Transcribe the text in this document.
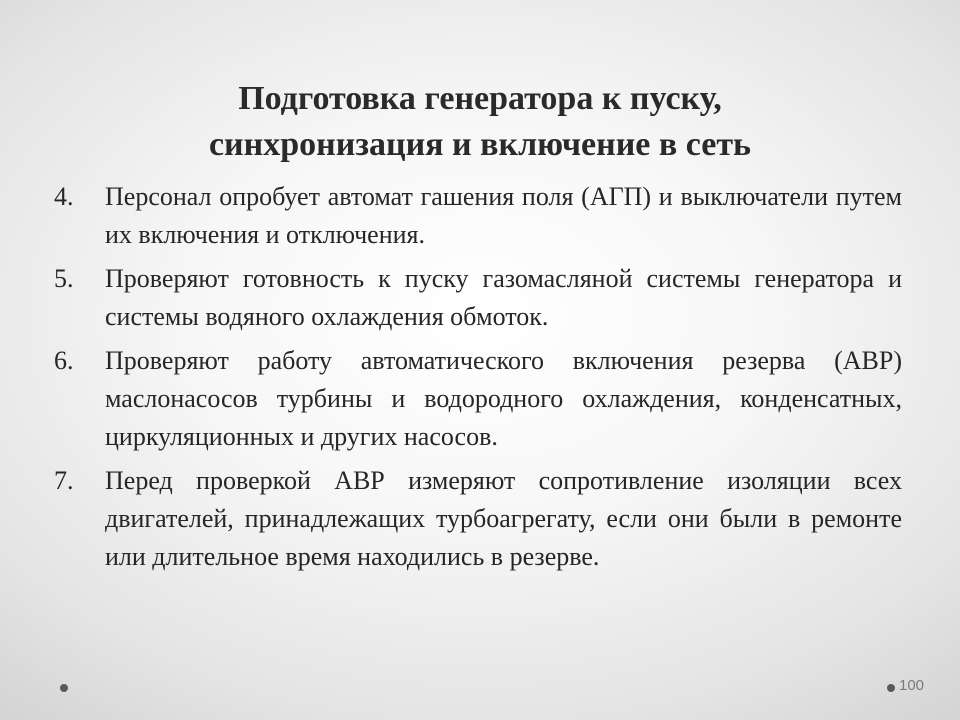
Подготовка генератора к пуску,
синхронизация и включение в сеть
4.	Персонал опробует автомат гашения поля (АГП) и выключатели путем их включения и отключения.
5.	Проверяют готовность к пуску газомасляной системы генератора и системы водяного охлаждения обмоток.
6.	Проверяют работу автоматического включения резерва (АВР) маслонасосов турбины и водородного охлаждения, конденсатных, циркуляционных и других насосов.
7.	Перед проверкой АВР измеряют сопротивление изоляции всех двигателей, принадлежащих турбоагрегату, если они были в ремонте или длительное время находились в резерве.
100
